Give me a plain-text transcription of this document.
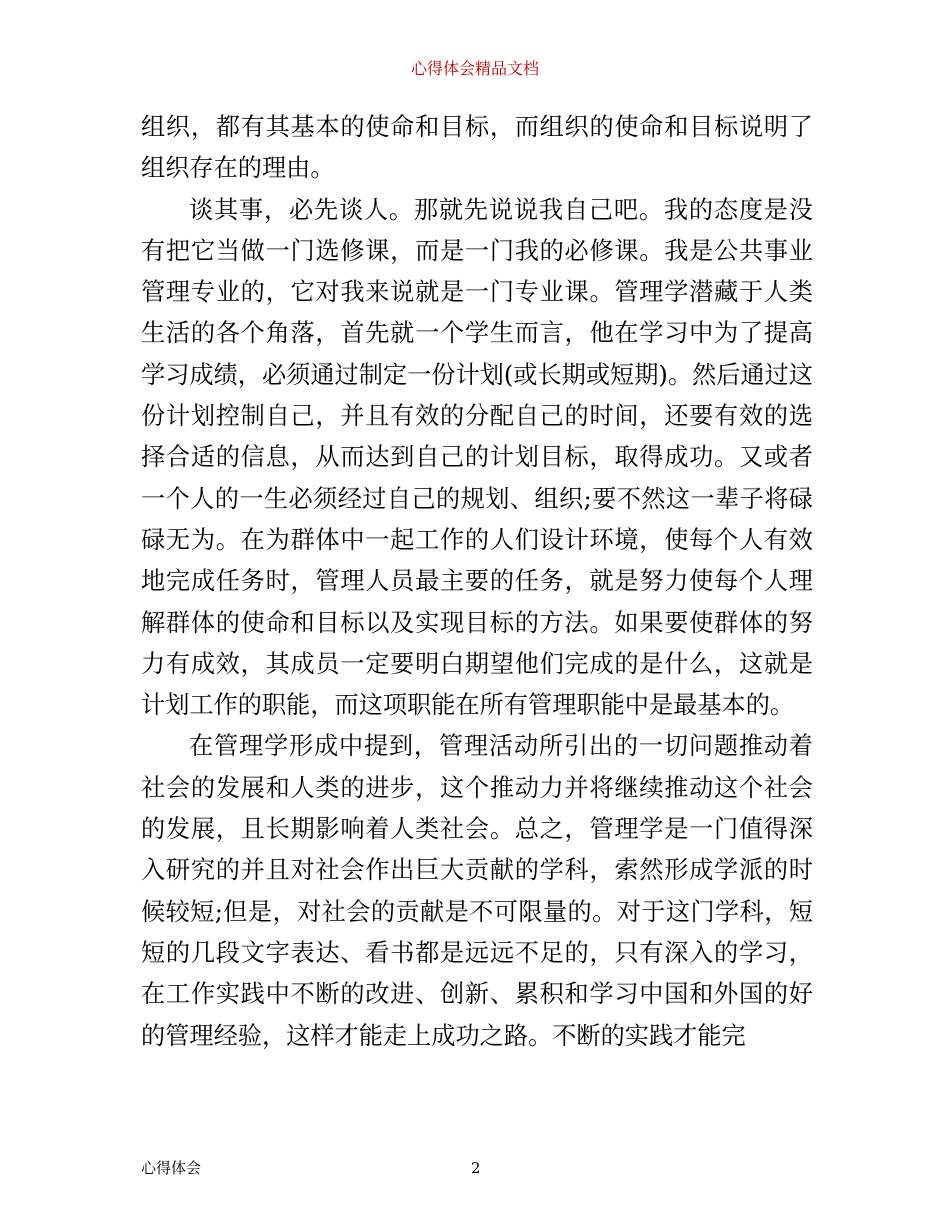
心得体会精品文档

组织，都有其基本的使命和目标，而组织的使命和目标说明了组织存在的理由。

谈其事，必先谈人。那就先说说我自己吧。我的态度是没有把它当做一门选修课，而是一门我的必修课。我是公共事业管理专业的，它对我来说就是一门专业课。管理学潜藏于人类生活的各个角落，首先就一个学生而言，他在学习中为了提高学习成绩，必须通过制定一份计划(或长期或短期)。然后通过这份计划控制自己，并且有效的分配自己的时间，还要有效的选择合适的信息，从而达到自己的计划目标，取得成功。又或者一个人的一生必须经过自己的规划、组织;要不然这一辈子将碌碌无为。在为群体中一起工作的人们设计环境，使每个人有效地完成任务时，管理人员最主要的任务，就是努力使每个人理解群体的使命和目标以及实现目标的方法。如果要使群体的努力有成效，其成员一定要明白期望他们完成的是什么，这就是计划工作的职能，而这项职能在所有管理职能中是最基本的。

在管理学形成中提到，管理活动所引出的一切问题推动着社会的发展和人类的进步，这个推动力并将继续推动这个社会的发展，且长期影响着人类社会。总之，管理学是一门值得深入研究的并且对社会作出巨大贡献的学科，索然形成学派的时候较短;但是，对社会的贡献是不可限量的。对于这门学科，短短的几段文字表达、看书都是远远不足的，只有深入的学习，在工作实践中不断的改进、创新、累积和学习中国和外国的好的管理经验，这样才能走上成功之路。不断的实践才能完

心得体会	2
